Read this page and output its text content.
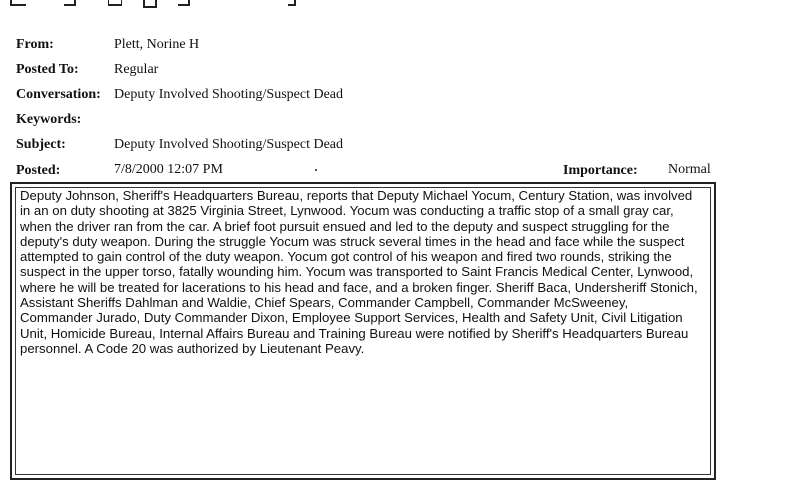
From:	Plett, Norine H
Posted To:	Regular
Conversation: Deputy Involved Shooting/Suspect Dead
Keywords:
Subject:	Deputy Involved Shooting/Suspect Dead
Posted:	7/8/2000 12:07 PM	Importance: Normal

Deputy Johnson, Sheriff's Headquarters Bureau, reports that Deputy Michael Yocum, Century Station, was involved in an on duty shooting at 3825 Virginia Street, Lynwood. Yocum was conducting a traffic stop of a small gray car, when the driver ran from the car. A brief foot pursuit ensued and led to the deputy and suspect struggling for the deputy's duty weapon. During the struggle Yocum was struck several times in the head and face while the suspect attempted to gain control of the duty weapon. Yocum got control of his weapon and fired two rounds, striking the suspect in the upper torso, fatally wounding him. Yocum was transported to Saint Francis Medical Center, Lynwood, where he will be treated for lacerations to his head and face, and a broken finger. Sheriff Baca, Undersheriff Stonich, Assistant Sheriffs Dahlman and Waldie, Chief Spears, Commander Campbell, Commander McSweeney, Commander Jurado, Duty Commander Dixon, Employee Support Services, Health and Safety Unit, Civil Litigation Unit, Homicide Bureau, Internal Affairs Bureau and Training Bureau were notified by Sheriff's Headquarters Bureau personnel. A Code 20 was authorized by Lieutenant Peavy.
